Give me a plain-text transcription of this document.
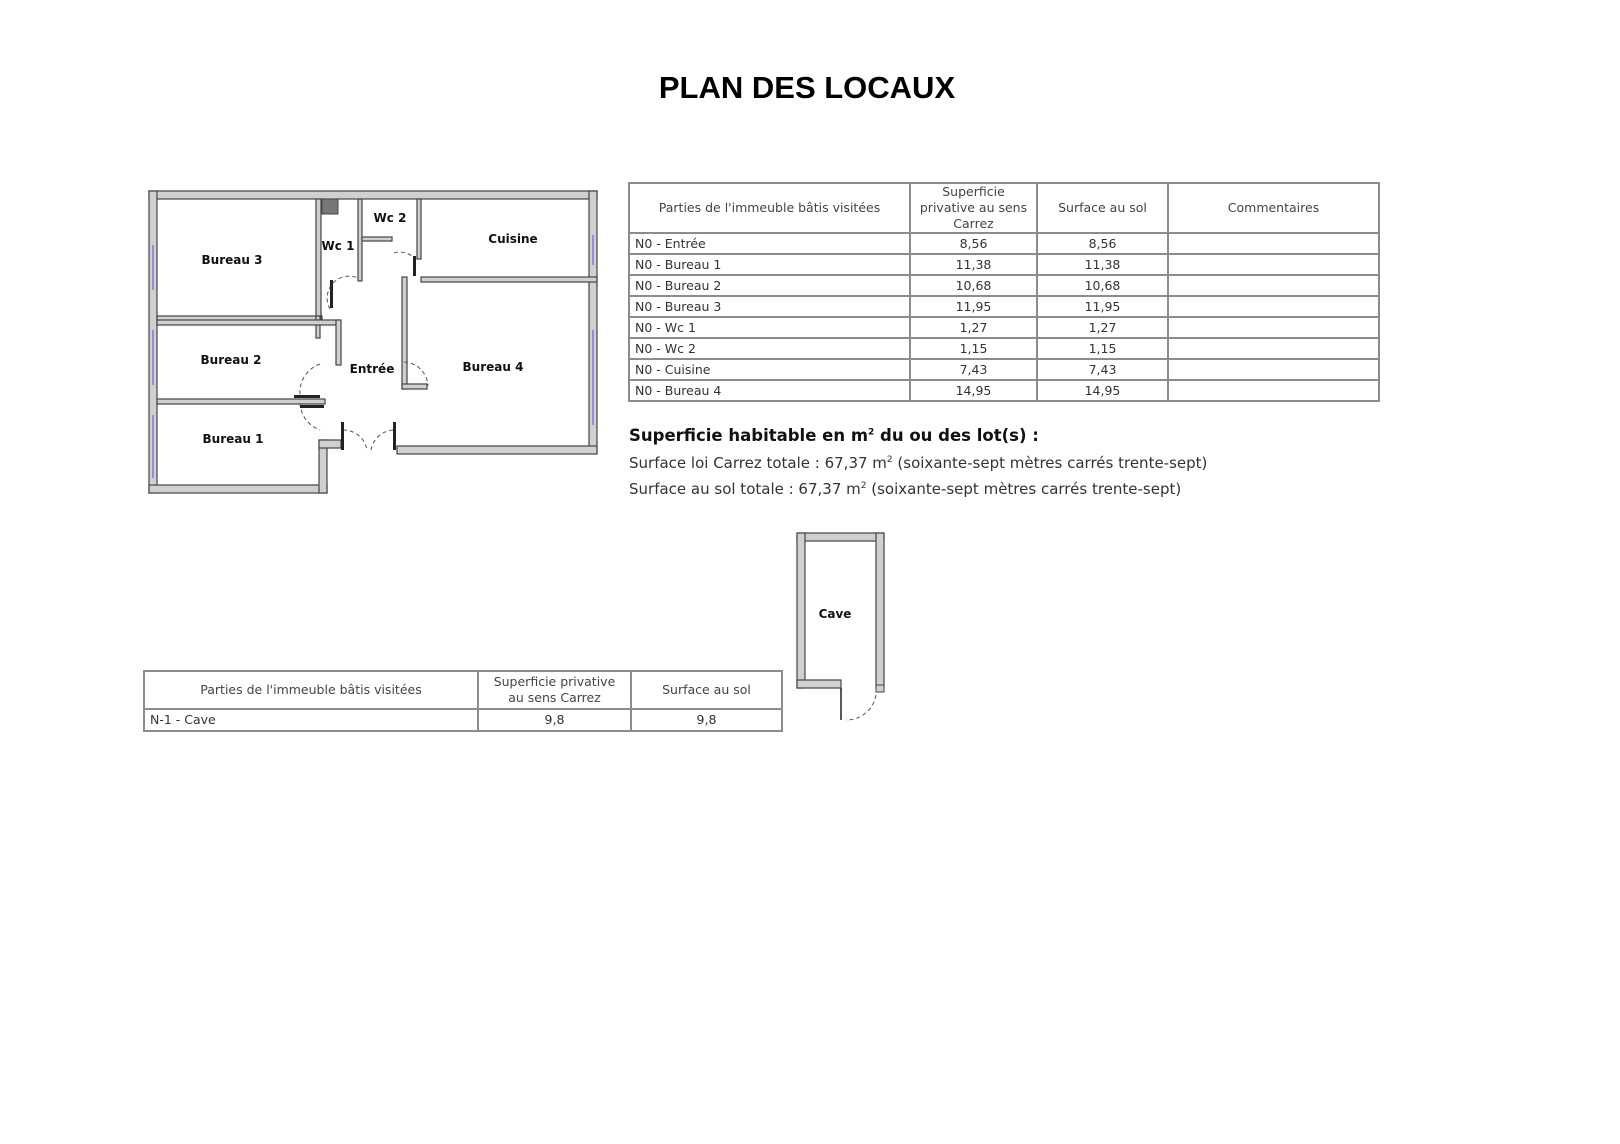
PLAN DES LOCAUX
Bureau 3
Wc 1
Wc 2
Cuisine
Bureau 2
Entrée	Bureau 4
Bureau 1
Cave
Parties de l'immeuble bâtis visitées	Superficie privative au sens Carrez	Surface au sol	Commentaires
N0 - Entrée	8,56	8,56	
N0 - Bureau 1	11,38	11,38	
N0 - Bureau 2	10,68	10,68	
N0 - Bureau 3	11,95	11,95	
N0 - Wc 1	1,27	1,27	
N0 - Wc 2	1,15	1,15	
N0 - Cuisine	7,43	7,43	
N0 - Bureau 4	14,95	14,95	
Superficie habitable en $m^2$ du ou des lot(s) :
Surface loi Carrez totale : 67,37 $m^2$ (soixante-sept mètres carrés trente-sept)
Surface au sol totale : 67,37 $m^2$ (soixante-sept mètres carrés trente-sept)
Parties de l'immeuble bâtis visitées	Superficie privative au sens Carrez	Surface au sol
N-1 - Cave	9,8	9,8
